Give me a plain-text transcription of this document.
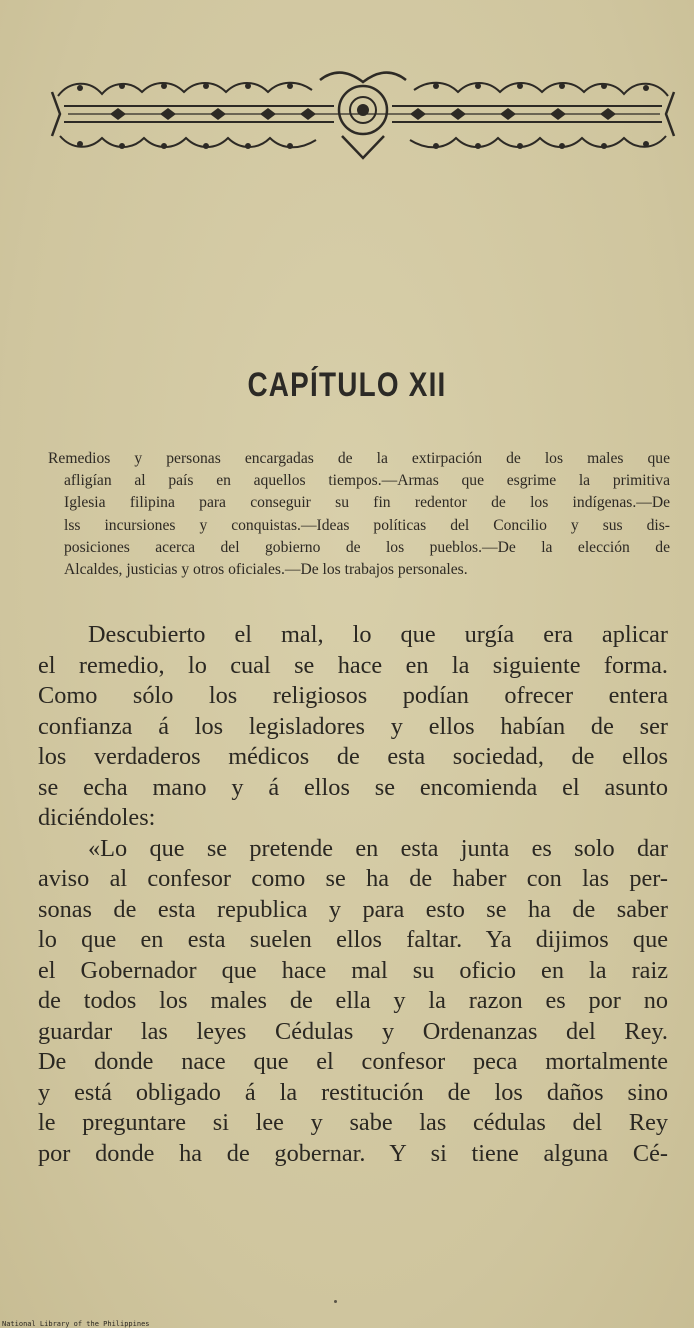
CAPÍTULO XII
Remedios y personas encargadas de la extirpación de los males que
afligían al país en aquellos tiempos.—Armas que esgrime la primitiva
Iglesia filipina para conseguir su fin redentor de los indígenas.—De
lss incursiones y conquistas.—Ideas políticas del Concilio y sus dis-
posiciones acerca del gobierno de los pueblos.—De la elección de
Alcaldes, justicias y otros oficiales.—De los trabajos personales.
Descubierto el mal, lo que urgía era aplicar
el remedio, lo cual se hace en la siguiente forma.
Como sólo los religiosos podían ofrecer entera
confianza á los legisladores y ellos habían de ser
los verdaderos médicos de esta sociedad, de ellos
se echa mano y á ellos se encomienda el asunto
diciéndoles:
«Lo que se pretende en esta junta es solo dar
aviso al confesor como se ha de haber con las per-
sonas de esta republica y para esto se ha de saber
lo que en esta suelen ellos faltar. Ya dijimos que
el Gobernador que hace mal su oficio en la raiz
de todos los males de ella y la razon es por no
guardar las leyes Cédulas y Ordenanzas del Rey.
De donde nace que el confesor peca mortalmente
y está obligado á la restitución de los daños sino
le preguntare si lee y sabe las cédulas del Rey
por donde ha de gobernar. Y si tiene alguna Cé-
National Library of the Philippines
